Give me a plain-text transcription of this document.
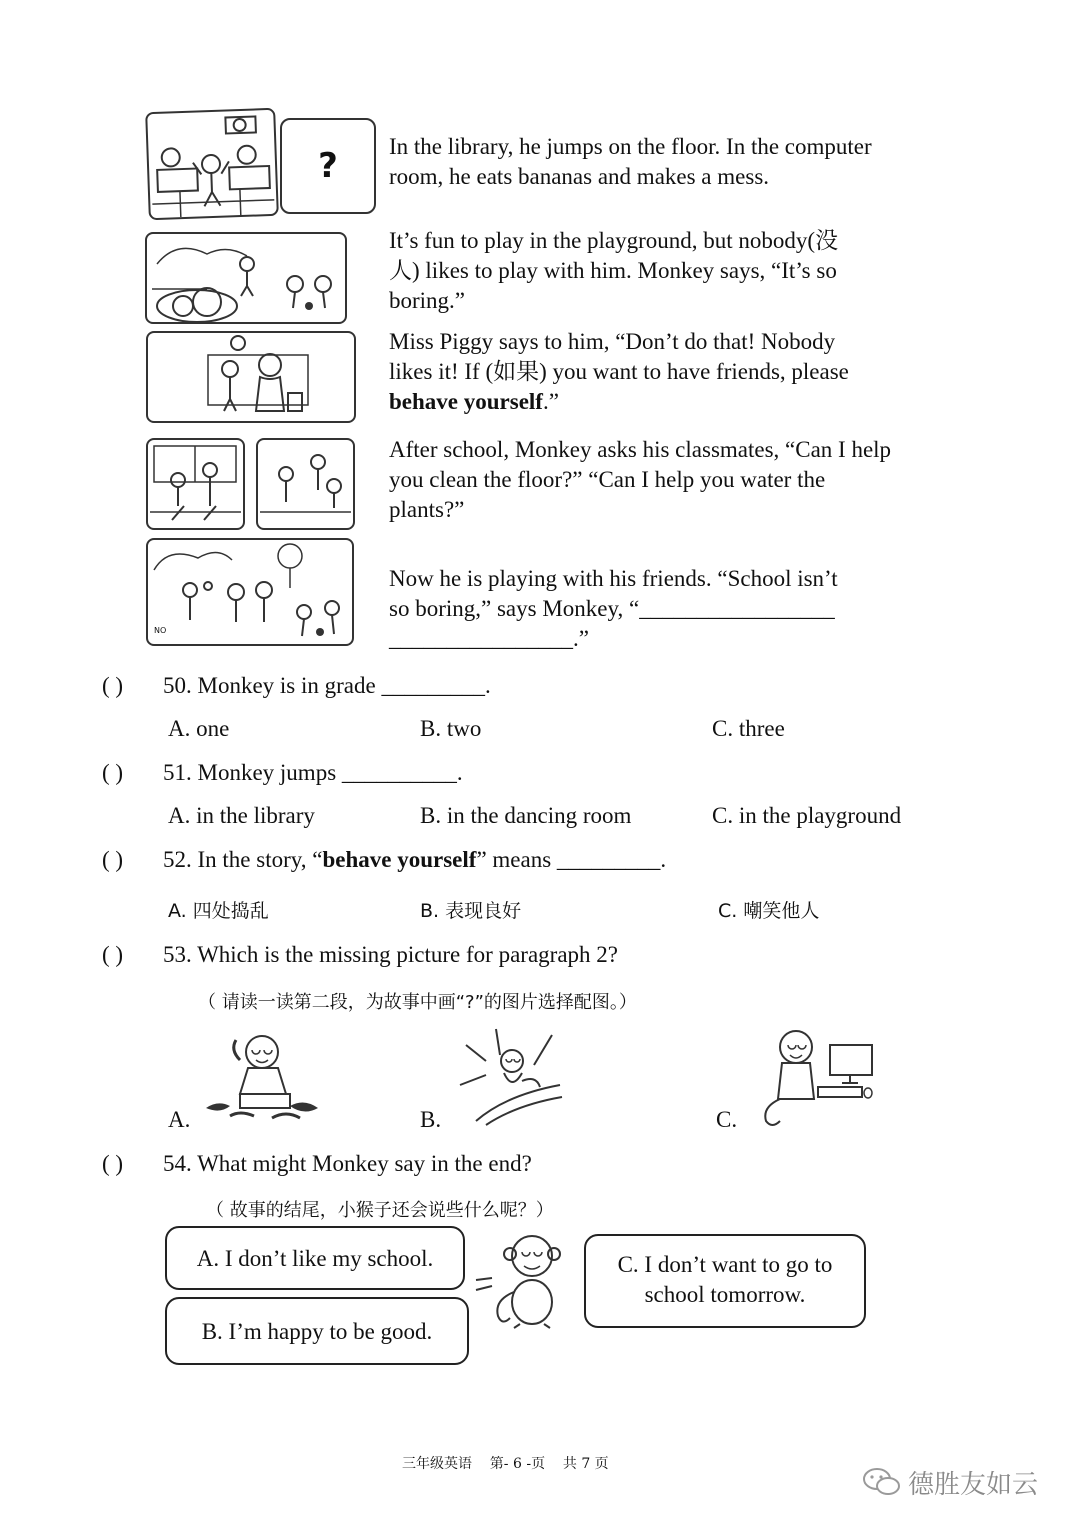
?
NO
In the library, he jumps on the floor. In the computer room, he eats bananas and makes a mess.
It’s fun to play in the playground, but nobody(没
人) likes to play with him. Monkey says, “It’s so
boring.”
Miss Piggy says to him, “Don’t do that! Nobody
likes it! If (如果) you want to have friends, please
behave yourself.”
After school, Monkey asks his classmates, “Can I help you clean the floor?” “Can I help you water the plants?”
Now he is playing with his friends. “School isn’t
so boring,” says Monkey, “_________________
________________.”
( ) 50. Monkey is in grade _________.
A. one	B. two	C. three
( ) 51. Monkey jumps __________.
A. in the library	B. in the dancing room	C. in the playground
( ) 52. In the story, “behave yourself” means _________.
A. 四处捣乱	B. 表现良好	C. 嘲笑他人
( ) 53. Which is the missing picture for paragraph 2?
（ 请读一读第二段，为故事中画“?”的图片选择配图。）
A.	B.	C.
( ) 54. What might Monkey say in the end?
（ 故事的结尾，小猴子还会说些什么呢？）
A. I don’t like my school.
B. I’m happy to be good.
C. I don’t want to go to
school tomorrow.
三年级英语    第- 6 -页    共 7 页
德胜友如云
